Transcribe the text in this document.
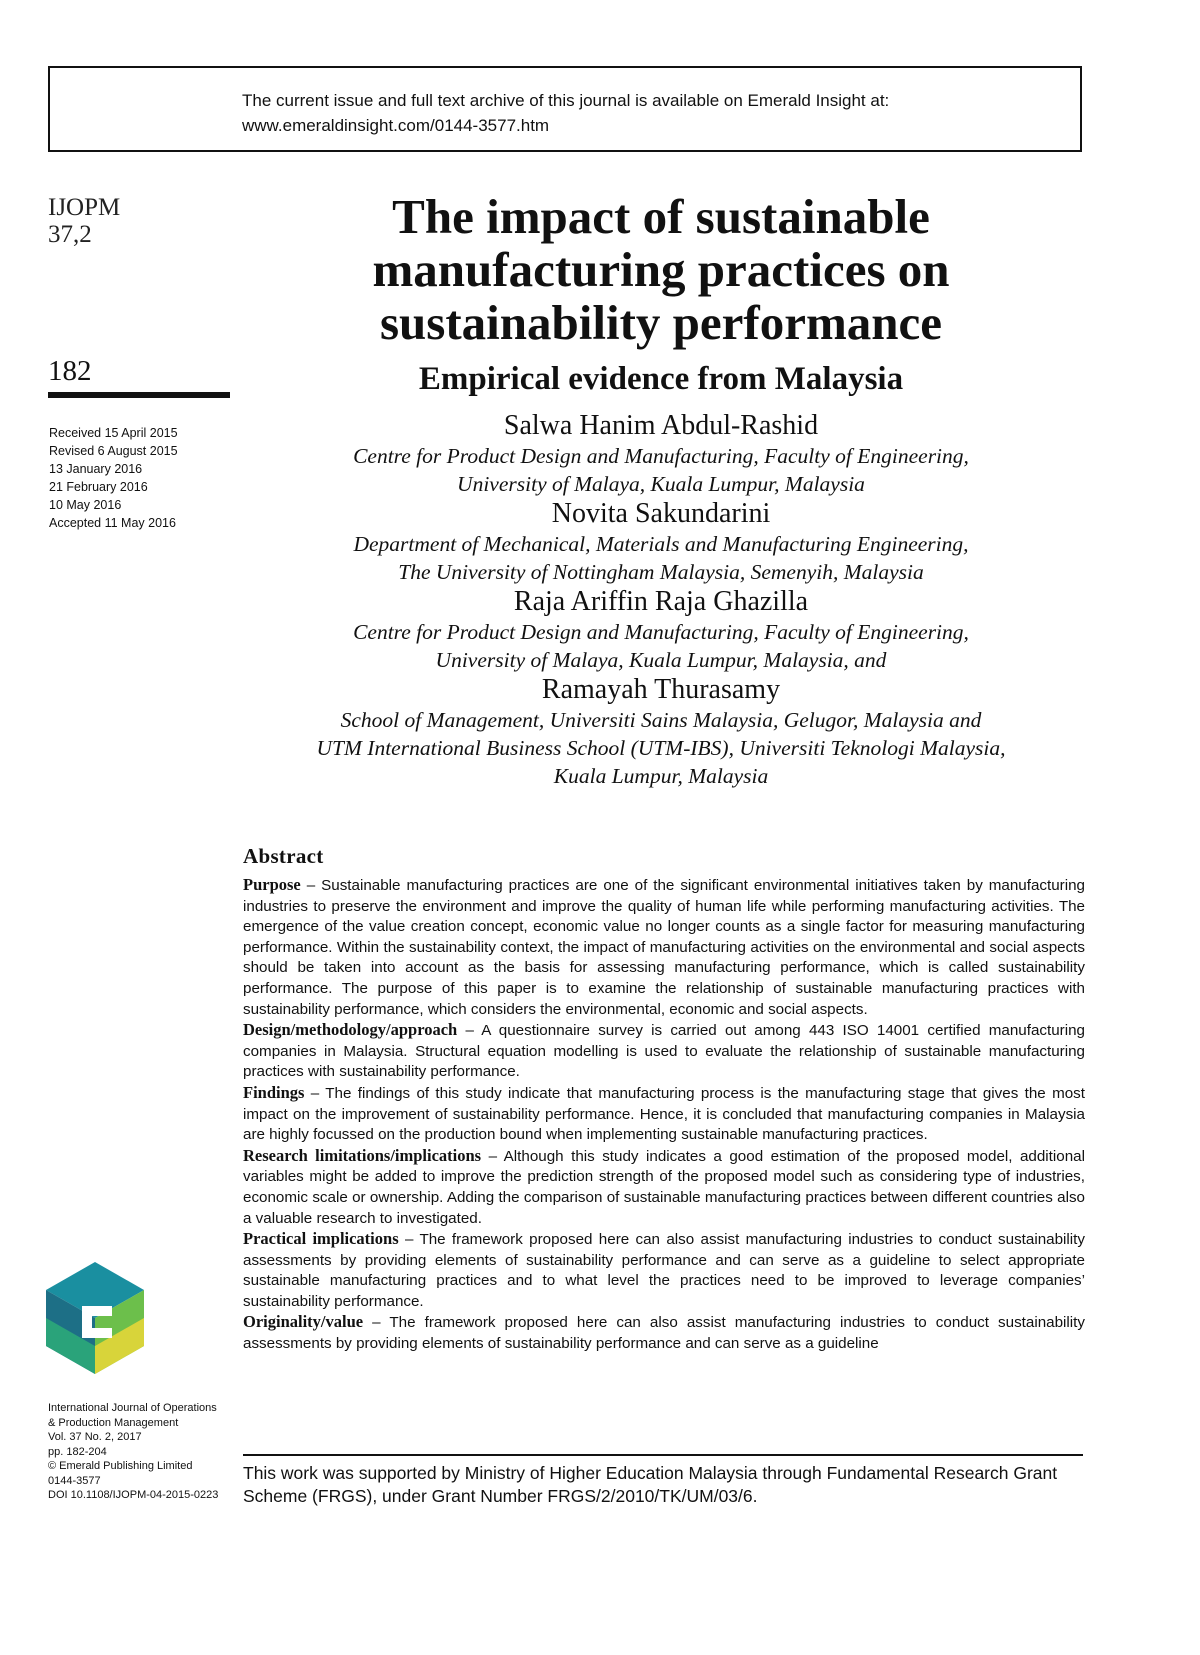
The current issue and full text archive of this journal is available on Emerald Insight at:
www.emeraldinsight.com/0144-3577.htm
IJOPM
37,2
182
Received 15 April 2015
Revised 6 August 2015
13 January 2016
21 February 2016
10 May 2016
Accepted 11 May 2016
The impact of sustainable
manufacturing practices on
sustainability performance
Empirical evidence from Malaysia
Salwa Hanim Abdul-Rashid
Centre for Product Design and Manufacturing, Faculty of Engineering,
University of Malaya, Kuala Lumpur, Malaysia
Novita Sakundarini
Department of Mechanical, Materials and Manufacturing Engineering,
The University of Nottingham Malaysia, Semenyih, Malaysia
Raja Ariffin Raja Ghazilla
Centre for Product Design and Manufacturing, Faculty of Engineering,
University of Malaya, Kuala Lumpur, Malaysia, and
Ramayah Thurasamy
School of Management, Universiti Sains Malaysia, Gelugor, Malaysia and
UTM International Business School (UTM-IBS), Universiti Teknologi Malaysia,
Kuala Lumpur, Malaysia
Abstract

Purpose – Sustainable manufacturing practices are one of the significant environmental initiatives taken by manufacturing industries to preserve the environment and improve the quality of human life while performing manufacturing activities. The emergence of the value creation concept, economic value no longer counts as a single factor for measuring manufacturing performance. Within the sustainability context, the impact of manufacturing activities on the environmental and social aspects should be taken into account as the basis for assessing manufacturing performance, which is called sustainability performance. The purpose of this paper is to examine the relationship of sustainable manufacturing practices with sustainability performance, which considers the environmental, economic and social aspects.

Design/methodology/approach – A questionnaire survey is carried out among 443 ISO 14001 certified manufacturing companies in Malaysia. Structural equation modelling is used to evaluate the relationship of sustainable manufacturing practices with sustainability performance.

Findings – The findings of this study indicate that manufacturing process is the manufacturing stage that gives the most impact on the improvement of sustainability performance. Hence, it is concluded that manufacturing companies in Malaysia are highly focussed on the production bound when implementing sustainable manufacturing practices.

Research limitations/implications – Although this study indicates a good estimation of the proposed model, additional variables might be added to improve the prediction strength of the proposed model such as considering type of industries, economic scale or ownership. Adding the comparison of sustainable manufacturing practices between different countries also a valuable research to investigated.

Practical implications – The framework proposed here can also assist manufacturing industries to conduct sustainability assessments by providing elements of sustainability performance and can serve as a guideline to select appropriate sustainable manufacturing practices and to what level the practices need to be improved to leverage companies’ sustainability performance.

Originality/value – The framework proposed here can also assist manufacturing industries to conduct sustainability assessments by providing elements of sustainability performance and can serve as a guideline

This work was supported by Ministry of Higher Education Malaysia through Fundamental Research Grant Scheme (FRGS), under Grant Number FRGS/2/2010/TK/UM/03/6.
International Journal of Operations
& Production Management
Vol. 37 No. 2, 2017
pp. 182-204
© Emerald Publishing Limited
0144-3577
DOI 10.1108/IJOPM-04-2015-0223
